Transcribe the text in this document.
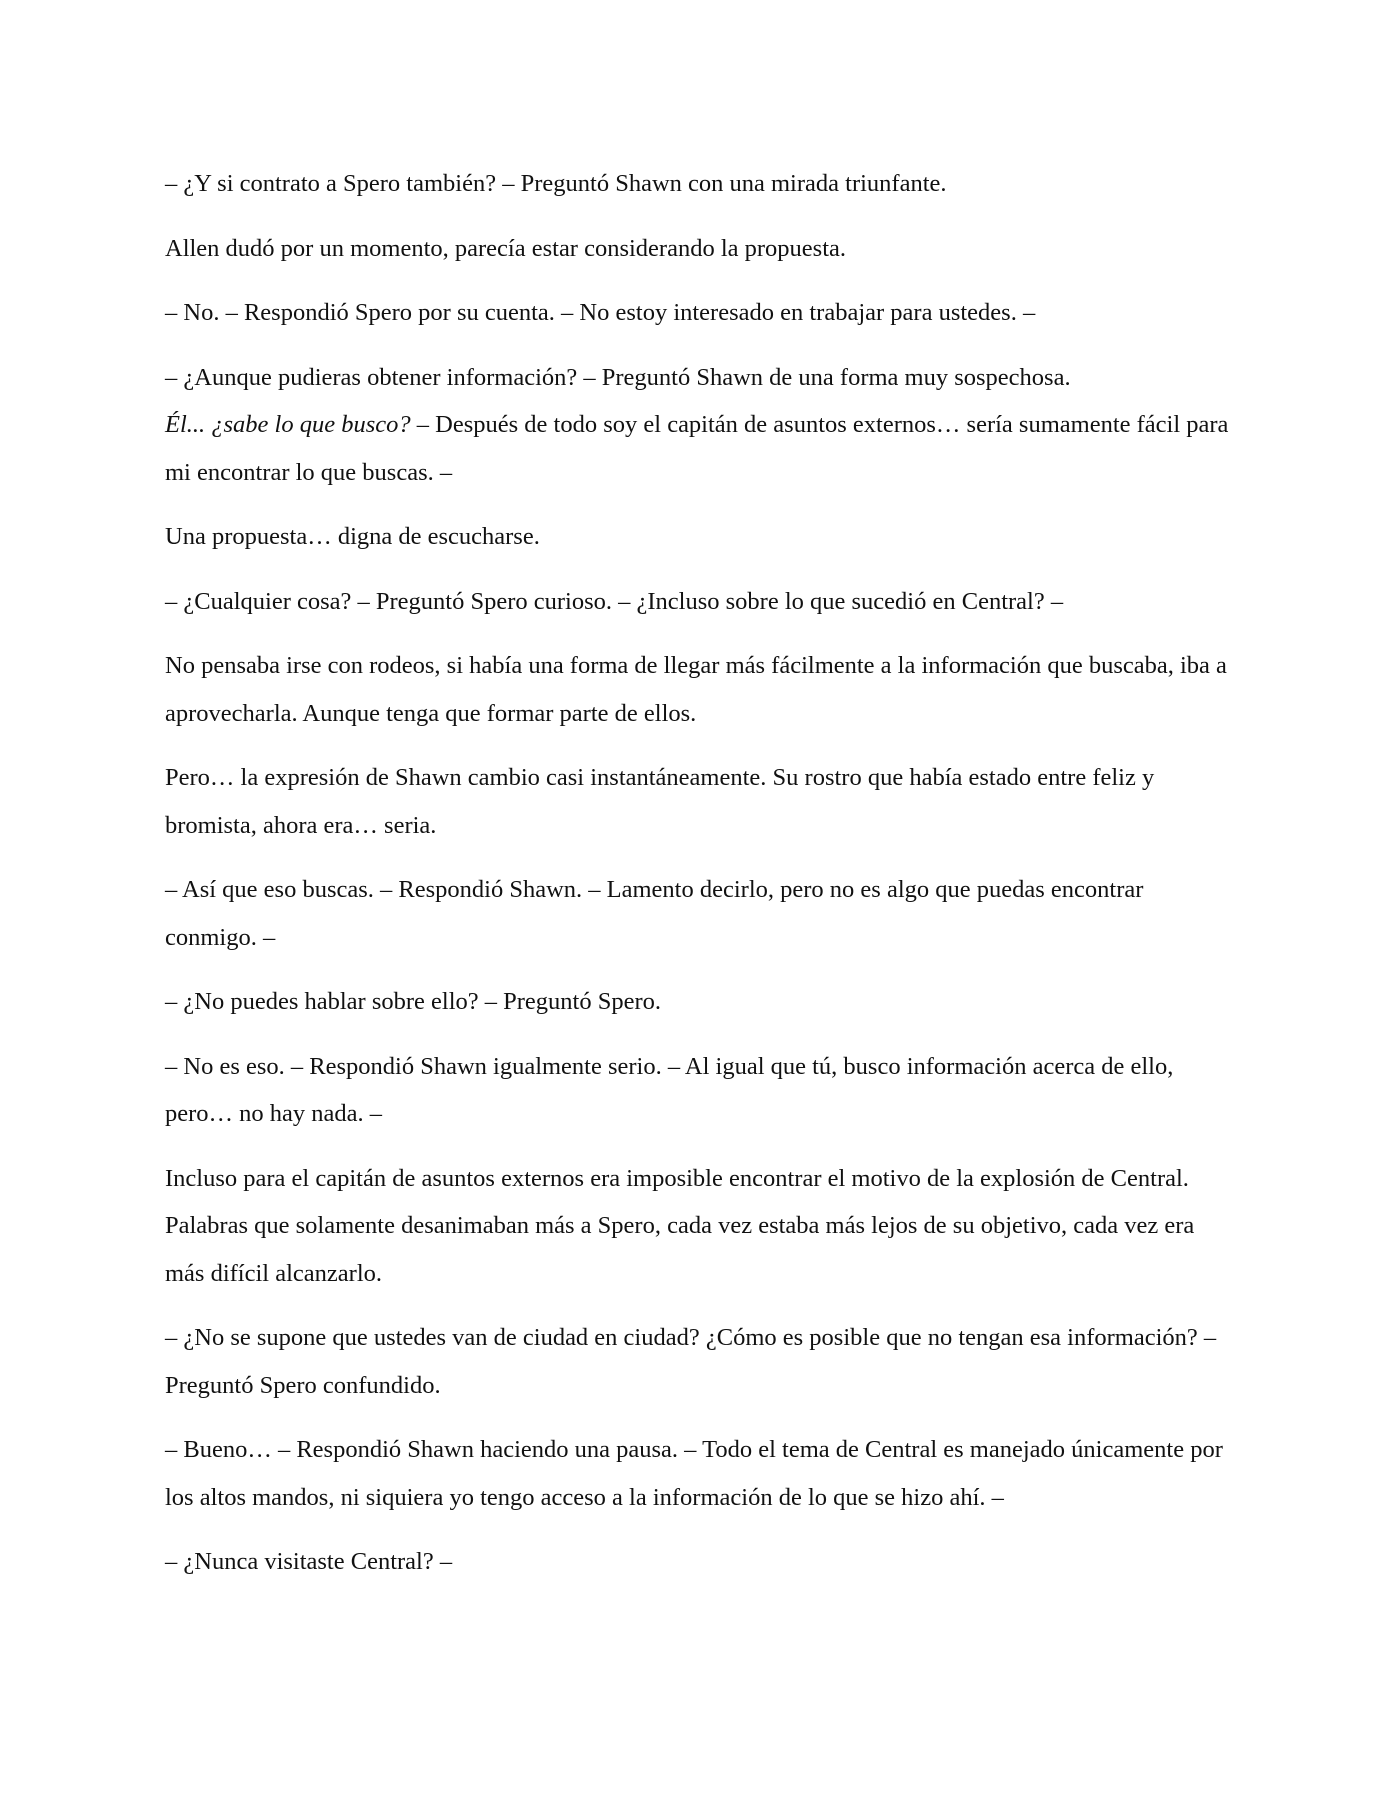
– ¿Y si contrato a Spero también? – Preguntó Shawn con una mirada triunfante.

Allen dudó por un momento, parecía estar considerando la propuesta.

– No. – Respondió Spero por su cuenta. – No estoy interesado en trabajar para ustedes. –

– ¿Aunque pudieras obtener información? – Preguntó Shawn de una forma muy sospechosa.

Él... ¿sabe lo que busco? – Después de todo soy el capitán de asuntos externos… sería sumamente fácil para mi encontrar lo que buscas. –

Una propuesta… digna de escucharse.

– ¿Cualquier cosa? – Preguntó Spero curioso. – ¿Incluso sobre lo que sucedió en Central? –

No pensaba irse con rodeos, si había una forma de llegar más fácilmente a la información que buscaba, iba a aprovecharla. Aunque tenga que formar parte de ellos.

Pero… la expresión de Shawn cambio casi instantáneamente. Su rostro que había estado entre feliz y bromista, ahora era… seria.

– Así que eso buscas. – Respondió Shawn. – Lamento decirlo, pero no es algo que puedas encontrar conmigo. –

– ¿No puedes hablar sobre ello? – Preguntó Spero.

– No es eso. – Respondió Shawn igualmente serio. – Al igual que tú, busco información acerca de ello, pero… no hay nada. –

Incluso para el capitán de asuntos externos era imposible encontrar el motivo de la explosión de Central. Palabras que solamente desanimaban más a Spero, cada vez estaba más lejos de su objetivo, cada vez era más difícil alcanzarlo.

– ¿No se supone que ustedes van de ciudad en ciudad? ¿Cómo es posible que no tengan esa información? – Preguntó Spero confundido.

– Bueno… – Respondió Shawn haciendo una pausa. – Todo el tema de Central es manejado únicamente por los altos mandos, ni siquiera yo tengo acceso a la información de lo que se hizo ahí. –

– ¿Nunca visitaste Central? –
